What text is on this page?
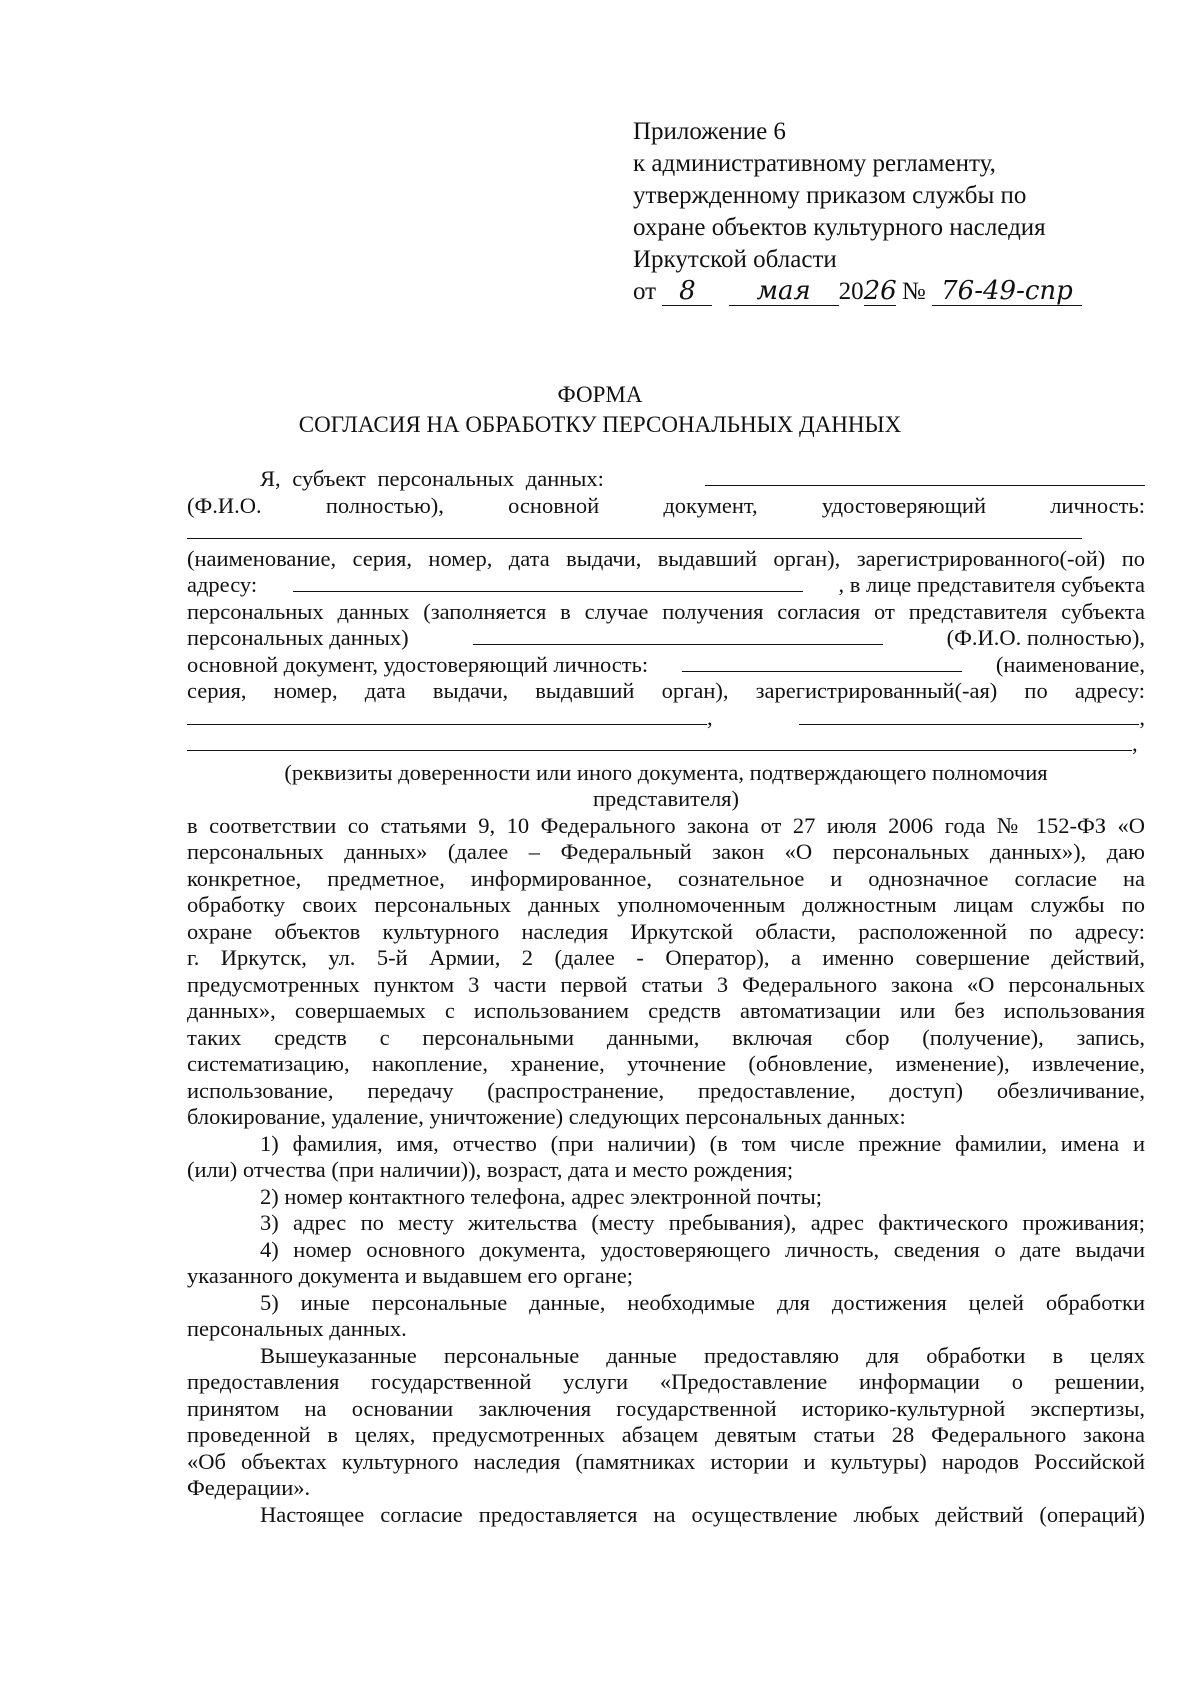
Приложение 6
к административному регламенту,
утвержденному приказом службы по
охране объектов культурного наследия
Иркутской области
от 8 мая 2026 № 76-49-спр
ФОРМА
СОГЛАСИЯ НА ОБРАБОТКУ ПЕРСОНАЛЬНЫХ ДАННЫХ
Я, субъект персональных данных:
(Ф.И.О.	полностью),	основной	документ,	удостоверяющий	личность:
(наименование, серия, номер, дата выдачи, выдавший орган), зарегистрированного(-ой) по
адресу:	, в лице представителя субъекта
персональных данных (заполняется в случае получения согласия от представителя субъекта
персональных данных)	(Ф.И.О. полностью),
основной документ, удостоверяющий личность:	(наименование,
серия, номер, дата выдачи, выдавший орган), зарегистрированный(-ая) по адресу:
,	,
,
(реквизиты доверенности или иного документа, подтверждающего полномочия
представителя)
в соответствии со статьями 9, 10 Федерального закона от 27 июля 2006 года № 152-ФЗ «О
персональных данных» (далее – Федеральный закон «О персональных данных»), даю
конкретное, предметное, информированное, сознательное и однозначное согласие на
обработку своих персональных данных уполномоченным должностным лицам службы по
охране объектов культурного наследия Иркутской области, расположенной по адресу:
г. Иркутск, ул. 5-й Армии, 2 (далее - Оператор), а именно совершение действий,
предусмотренных пунктом 3 части первой статьи 3 Федерального закона «О персональных
данных», совершаемых с использованием средств автоматизации или без использования
таких средств с персональными данными, включая сбор (получение), запись,
систематизацию, накопление, хранение, уточнение (обновление, изменение), извлечение,
использование, передачу (распространение, предоставление, доступ) обезличивание,
блокирование, удаление, уничтожение) следующих персональных данных:
1) фамилия, имя, отчество (при наличии) (в том числе прежние фамилии, имена и
(или) отчества (при наличии)), возраст, дата и место рождения;
2) номер контактного телефона, адрес электронной почты;
3) адрес по месту жительства (месту пребывания), адрес фактического проживания;
4) номер основного документа, удостоверяющего личность, сведения о дате выдачи
указанного документа и выдавшем его органе;
5) иные персональные данные, необходимые для достижения целей обработки
персональных данных.
Вышеуказанные персональные данные предоставляю для обработки в целях
предоставления государственной услуги «Предоставление информации о решении,
принятом на основании заключения государственной историко-культурной экспертизы,
проведенной в целях, предусмотренных абзацем девятым статьи 28 Федерального закона
«Об объектах культурного наследия (памятниках истории и культуры) народов Российской
Федерации».
Настоящее согласие предоставляется на осуществление любых действий (операций)
